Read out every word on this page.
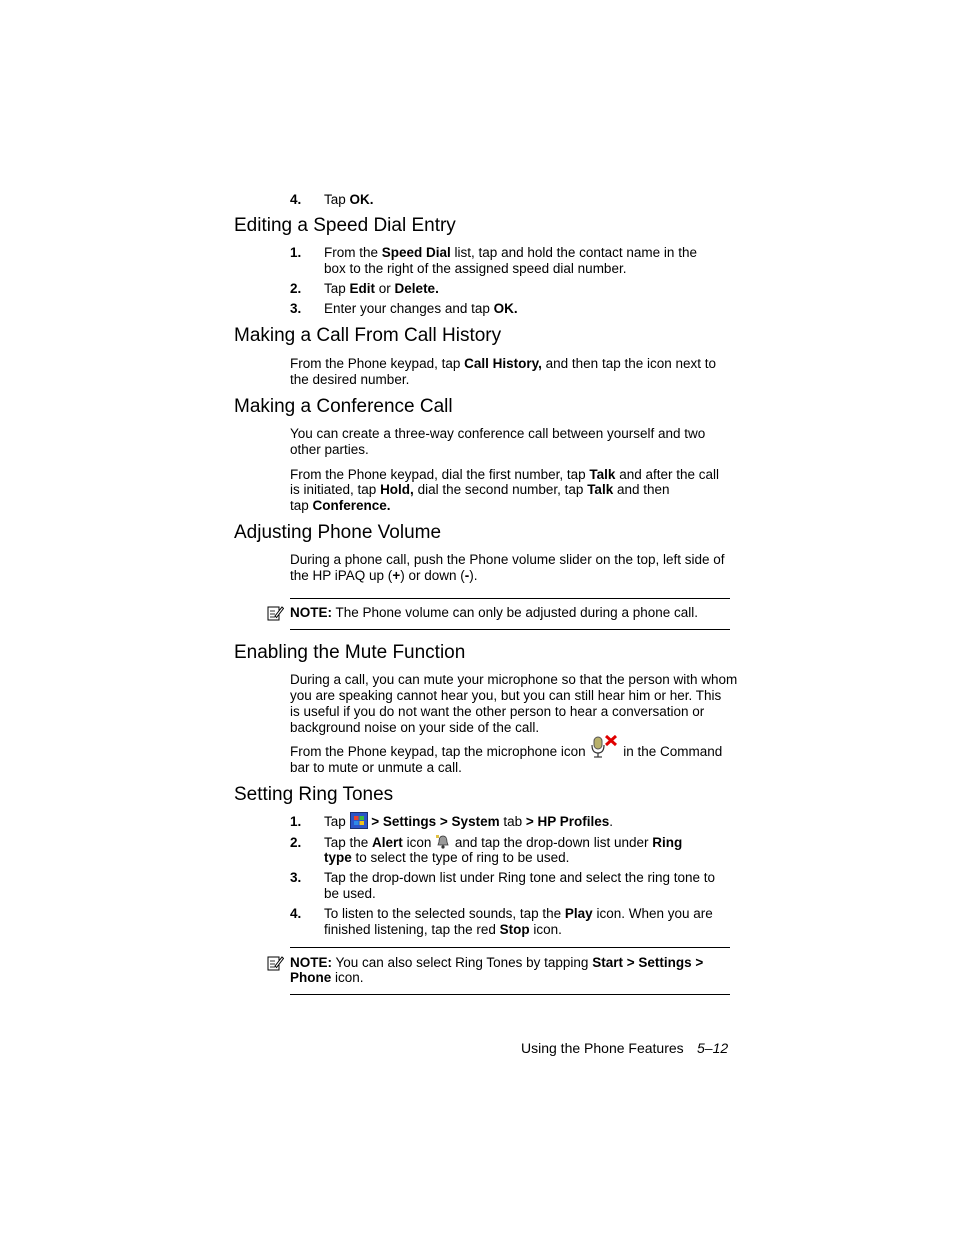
4. Tap OK.
Editing a Speed Dial Entry
1. From the Speed Dial list, tap and hold the contact name in the
box to the right of the assigned speed dial number.
2. Tap Edit or Delete.
3. Enter your changes and tap OK.
Making a Call From Call History
From the Phone keypad, tap Call History, and then tap the icon next to
the desired number.
Making a Conference Call
You can create a three-way conference call between yourself and two
other parties.
From the Phone keypad, dial the first number, tap Talk and after the call
is initiated, tap Hold, dial the second number, tap Talk and then
tap Conference.
Adjusting Phone Volume
During a phone call, push the Phone volume slider on the top, left side of
the HP iPAQ up (+) or down (-).
NOTE: The Phone volume can only be adjusted during a phone call.
Enabling the Mute Function
During a call, you can mute your microphone so that the person with whom
you are speaking cannot hear you, but you can still hear him or her. This
is useful if you do not want the other person to hear a conversation or
background noise on your side of the call.
From the Phone keypad, tap the microphone icon  in the Command
bar to mute or unmute a call.
Setting Ring Tones
1. Tap  > Settings > System tab > HP Profiles.
2. Tap the Alert icon  and tap the drop-down list under Ring
type to select the type of ring to be used.
3. Tap the drop-down list under Ring tone and select the ring tone to
be used.
4. To listen to the selected sounds, tap the Play icon. When you are
finished listening, tap the red Stop icon.
NOTE: You can also select Ring Tones by tapping Start > Settings >
Phone icon.
Using the Phone Features 5–12
